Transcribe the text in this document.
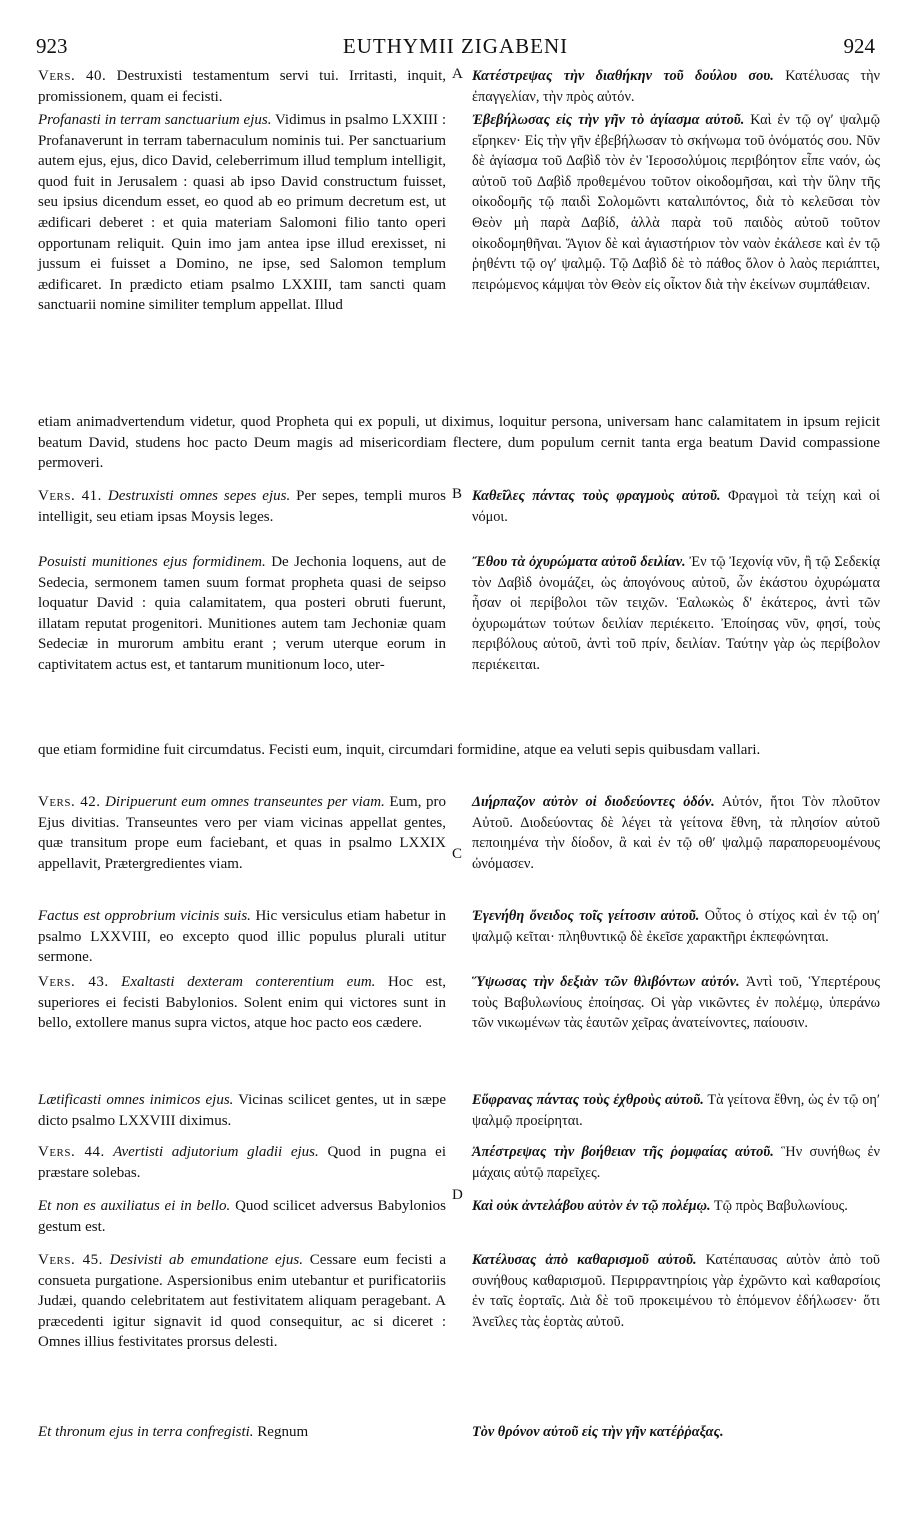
923	EUTHYMII ZIGABENI	924
A
B
C
D

Vers. 40. Destruxisti testamentum servi tui. Irritasti, inquit, promissionem, quam ei fecisti.

Profanasti in terram sanctuarium ejus. Vidimus in psalmo LXXIII : Profanaverunt in terram tabernaculum nominis tui. Per sanctuarium autem ejus, ejus, dico David, celeberrimum illud templum intelligit, quod fuit in Jerusalem : quasi ab ipso David constructum fuisset, seu ipsius dicendum esset, eo quod ab eo primum decretum est, ut ædificari deberet : et quia materiam Salomoni filio tanto operi opportunam reliquit. Quin imo jam antea ipse illud erexisset, ni jussum ei fuisset a Domino, ne ipse, sed Salomon templum ædificaret. In prædicto etiam psalmo LXXIII, tam sancti quam sanctuarii nomine similiter templum appellat. Illud

Κατέστρεψας τὴν διαθήκην τοῦ δούλου σου. Κατέλυσας τὴν ἐπαγγελίαν, τὴν πρὸς αὐτόν.

Ἐβεβήλωσας εἰς τὴν γῆν τὸ ἁγίασμα αὐτοῦ. Καὶ ἐν τῷ ογʹ ψαλμῷ εἴρηκεν· Εἰς τὴν γῆν ἐβεβήλωσαν τὸ σκήνωμα τοῦ ὀνόματός σου. Νῦν δὲ ἁγίασμα τοῦ Δαβὶδ τὸν ἐν Ἱεροσολύμοις περιβόητον εἶπε ναόν, ὡς αὐτοῦ τοῦ Δαβὶδ προθεμένου τοῦτον οἰκοδομῆσαι, καὶ τὴν ὕλην τῆς οἰκοδομῆς τῷ παιδὶ Σολομῶντι καταλιπόντος, διὰ τὸ κελεῦσαι τὸν Θεὸν μὴ παρὰ Δαβίδ, ἀλλὰ παρὰ τοῦ παιδὸς αὐτοῦ τοῦτον οἰκοδομηθῆναι. Ἅγιον δὲ καὶ ἁγιαστήριον τὸν ναὸν ἐκάλεσε καὶ ἐν τῷ ῥηθέντι τῷ ογʹ ψαλμῷ. Τῷ Δαβὶδ δὲ τὸ πάθος ὅλον ὁ λαὸς περιάπτει, πειρώμενος κάμψαι τὸν Θεὸν εἰς οἶκτον διὰ τὴν ἐκείνων συμπάθειαν.

etiam animadvertendum videtur, quod Propheta qui ex populi, ut diximus, loquitur persona, universam hanc calamitatem in ipsum rejicit beatum David, studens hoc pacto Deum magis ad misericordiam flectere, dum populum cernit tanta erga beatum David compassione permoveri.

Vers. 41. Destruxisti omnes sepes ejus. Per sepes, templi muros intelligit, seu etiam ipsas Moysis leges.

Καθεῖλες πάντας τοὺς φραγμοὺς αὐτοῦ. Φραγμοὶ τὰ τείχη καὶ οἱ νόμοι.

Posuisti munitiones ejus formidinem. De Jechonia loquens, aut de Sedecia, sermonem tamen suum format propheta quasi de seipso loquatur David : quia calamitatem, qua posteri obruti fuerunt, illatam reputat progenitori. Munitiones autem tam Jechoniæ quam Sedeciæ in murorum ambitu erant ; verum uterque eorum in captivitatem actus est, et tantarum munitionum loco, uter-

Ἔθου τὰ ὀχυρώματα αὐτοῦ δειλίαν. Ἐν τῷ Ἰεχονίᾳ νῦν, ἢ τῷ Σεδεκίᾳ τὸν Δαβὶδ ὀνομάζει, ὡς ἀπογόνους αὐτοῦ, ὧν ἑκάστου ὀχυρώματα ἦσαν οἱ περίβολοι τῶν τειχῶν. Ἑαλωκὼς δ' ἑκάτερος, ἀντὶ τῶν ὀχυρωμάτων τούτων δειλίαν περιέκειτο. Ἐποίησας νῦν, φησί, τοὺς περιβόλους αὐτοῦ, ἀντὶ τοῦ πρίν, δειλίαν. Ταύτην γὰρ ὡς περίβολον περιέκειται.

que etiam formidine fuit circumdatus. Fecisti eum, inquit, circumdari formidine, atque ea veluti sepis quibusdam vallari.

Vers. 42. Diripuerunt eum omnes transeuntes per viam. Eum, pro Ejus divitias. Transeuntes vero per viam vicinas appellat gentes, quæ transitum prope eum faciebant, et quas in psalmo LXXIX appellavit, Prætergredientes viam.

Διήρπαζον αὐτὸν οἱ διοδεύοντες ὁδόν. Αὐτόν, ἤτοι Τὸν πλοῦτον Αὐτοῦ. Διοδεύοντας δὲ λέγει τὰ γείτονα ἔθνη, τὰ πλησίον αὐτοῦ πεποιημένα τὴν δίοδον, ἃ καὶ ἐν τῷ οθʹ ψαλμῷ παραπορευομένους ὠνόμασεν.

Factus est opprobrium vicinis suis. Hic versiculus etiam habetur in psalmo LXXVIII, eo excepto quod illic populus plurali utitur sermone.

Ἐγενήθη ὄνειδος τοῖς γείτοσιν αὐτοῦ. Οὗτος ὁ στίχος καὶ ἐν τῷ οηʹ ψαλμῷ κεῖται· πληθυντικῷ δὲ ἐκεῖσε χαρακτῆρι ἐκπεφώνηται.

Vers. 43. Exaltasti dexteram conterentium eum. Hoc est, superiores ei fecisti Babylonios. Solent enim qui victores sunt in bello, extollere manus supra victos, atque hoc pacto eos cædere.

Ὕψωσας τὴν δεξιὰν τῶν θλιβόντων αὐτόν. Ἀντὶ τοῦ, Ὑπερτέρους τοὺς Βαβυλωνίους ἐποίησας. Οἱ γὰρ νικῶντες ἐν πολέμῳ, ὑπεράνω τῶν νικωμένων τὰς ἑαυτῶν χεῖρας ἀνατείνοντες, παίουσιν.

Lætificasti omnes inimicos ejus. Vicinas scilicet gentes, ut in sæpe dicto psalmo LXXVIII diximus.

Εὔφρανας πάντας τοὺς ἐχθροὺς αὐτοῦ. Τὰ γείτονα ἔθνη, ὡς ἐν τῷ οηʹ ψαλμῷ προείρηται.

Vers. 44. Avertisti adjutorium gladii ejus. Quod in pugna ei præstare solebas.

Ἀπέστρεψας τὴν βοήθειαν τῆς ῥομφαίας αὐτοῦ. Ἣν συνήθως ἐν μάχαις αὐτῷ παρεῖχες.

Et non es auxiliatus ei in bello. Quod scilicet adversus Babylonios gestum est.

Καὶ οὐκ ἀντελάβου αὐτὸν ἐν τῷ πολέμῳ. Τῷ πρὸς Βαβυλωνίους.

Vers. 45. Desivisti ab emundatione ejus. Cessare eum fecisti a consueta purgatione. Aspersionibus enim utebantur et purificatoriis Judæi, quando celebritatem aut festivitatem aliquam peragebant. A præcedenti igitur signavit id quod consequitur, ac si diceret : Omnes illius festivitates prorsus delesti.

Κατέλυσας ἀπὸ καθαρισμοῦ αὐτοῦ. Κατέπαυσας αὐτὸν ἀπὸ τοῦ συνήθους καθαρισμοῦ. Περιρραντηρίοις γὰρ ἐχρῶντο καὶ καθαρσίοις ἐν ταῖς ἑορταῖς. Διὰ δὲ τοῦ προκειμένου τὸ ἑπόμενον ἐδήλωσεν· ὅτι Ἀνεῖλες τὰς ἑορτὰς αὐτοῦ.

Et thronum ejus in terra confregisti. Regnum	Τὸν θρόνον αὐτοῦ εἰς τὴν γῆν κατέῤῥαξας.
